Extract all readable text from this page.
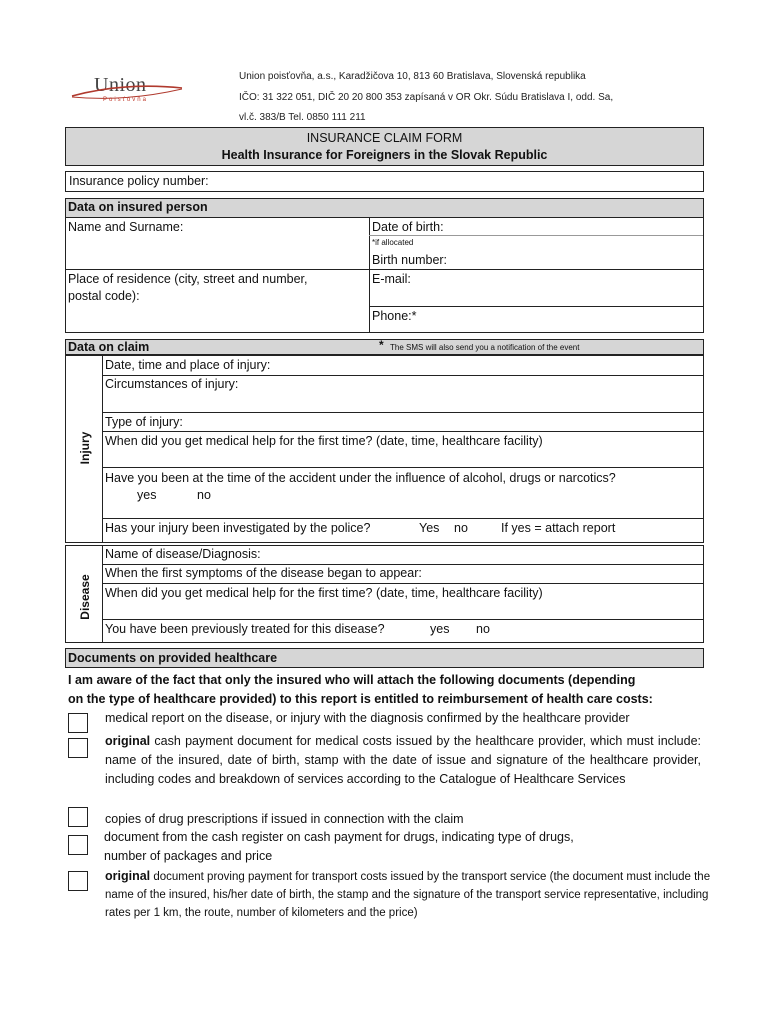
Union
Poisťovňa
Union poisťovňa, a.s., Karadžičova 10, 813 60 Bratislava, Slovenská republika
IČO: 31 322 051, DIČ 20 20 800 353 zapísaná v OR Okr. Súdu Bratislava I, odd. Sa,
vl.č. 383/B Tel. 0850 111 211
INSURANCE CLAIM FORM
Health Insurance for Foreigners in the Slovak Republic
Insurance policy number:
Data on insured person
Name and Surname:	Date of birth:
*if allocated
Birth number:
Place of residence (city, street and number,
postal code):
E-mail:
Phone:*
Data on claim	* The SMS will also send you a notification of the event
Injury
Date, time and place of injury:
Circumstances of injury:
Type of injury:
When did you get medical help for the first time? (date, time, healthcare facility)
Have you been at the time of the accident under the influence of alcohol, drugs or narcotics?
yes	no
Has your injury been investigated by the police?	Yes no	If yes = attach report
Disease
Name of disease/Diagnosis:
When the first symptoms of the disease began to appear:
When did you get medical help for the first time? (date, time, healthcare facility)
You have been previously treated for this disease?	yes no
Documents on provided healthcare
I am aware of the fact that only the insured who will attach the following documents (depending
on the type of healthcare provided) to this report is entitled to reimbursement of health care costs:
medical report on the disease, or injury with the diagnosis confirmed by the healthcare provider
original cash payment document for medical costs issued by the healthcare provider, which must include: name of the insured, date of birth, stamp with the date of issue and signature of the healthcare provider, including codes and breakdown of services according to the Catalogue of Healthcare Services
copies of drug prescriptions if issued in connection with the claim
document from the cash register on cash payment for drugs, indicating type of drugs,
number of packages and price
original document proving payment for transport costs issued by the transport service (the document must include the name of the insured, his/her date of birth, the stamp and the signature of the transport service representative, including rates per 1 km, the route, number of kilometers and the price)
